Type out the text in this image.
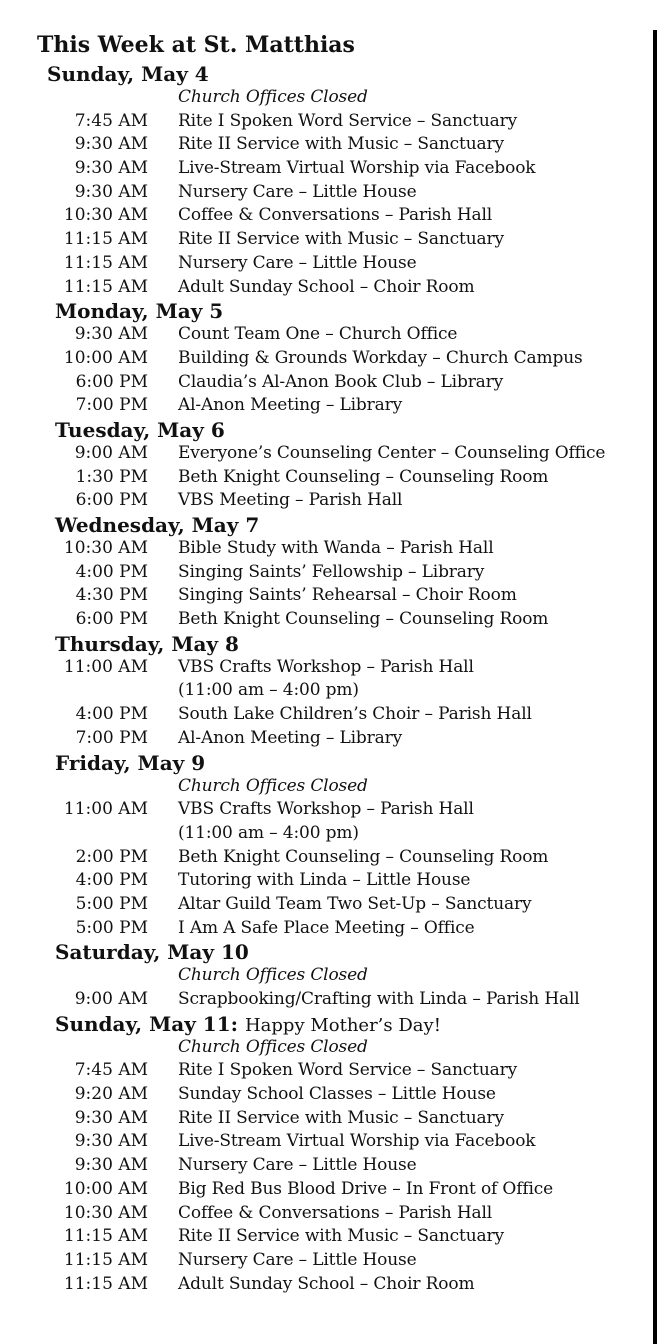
This Week at St. Matthias
Sunday, May 4
Church Offices Closed
7:45 AM Rite I Spoken Word Service – Sanctuary
9:30 AM Rite II Service with Music – Sanctuary
9:30 AM Live-Stream Virtual Worship via Facebook
9:30 AM Nursery Care – Little House
10:30 AM Coffee & Conversations – Parish Hall
11:15 AM Rite II Service with Music – Sanctuary
11:15 AM Nursery Care – Little House
11:15 AM Adult Sunday School – Choir Room
Monday, May 5
9:30 AM Count Team One – Church Office
10:00 AM Building & Grounds Workday – Church Campus
6:00 PM Claudia’s Al-Anon Book Club – Library
7:00 PM Al-Anon Meeting – Library
Tuesday, May 6
9:00 AM Everyone’s Counseling Center – Counseling Office
1:30 PM Beth Knight Counseling – Counseling Room
6:00 PM VBS Meeting – Parish Hall
Wednesday, May 7
10:30 AM Bible Study with Wanda – Parish Hall
4:00 PM Singing Saints’ Fellowship – Library
4:30 PM Singing Saints’ Rehearsal – Choir Room
6:00 PM Beth Knight Counseling – Counseling Room
Thursday, May 8
11:00 AM VBS Crafts Workshop – Parish Hall
(11:00 am – 4:00 pm)
4:00 PM South Lake Children’s Choir – Parish Hall
7:00 PM Al-Anon Meeting – Library
Friday, May 9
Church Offices Closed
11:00 AM VBS Crafts Workshop – Parish Hall
(11:00 am – 4:00 pm)
2:00 PM Beth Knight Counseling – Counseling Room
4:00 PM Tutoring with Linda – Little House
5:00 PM Altar Guild Team Two Set-Up – Sanctuary
5:00 PM I Am A Safe Place Meeting – Office
Saturday, May 10
Church Offices Closed
9:00 AM Scrapbooking/Crafting with Linda – Parish Hall
Sunday, May 11: Happy Mother’s Day!
Church Offices Closed
7:45 AM Rite I Spoken Word Service – Sanctuary
9:20 AM Sunday School Classes – Little House
9:30 AM Rite II Service with Music – Sanctuary
9:30 AM Live-Stream Virtual Worship via Facebook
9:30 AM Nursery Care – Little House
10:00 AM Big Red Bus Blood Drive – In Front of Office
10:30 AM Coffee & Conversations – Parish Hall
11:15 AM Rite II Service with Music – Sanctuary
11:15 AM Nursery Care – Little House
11:15 AM Adult Sunday School – Choir Room
